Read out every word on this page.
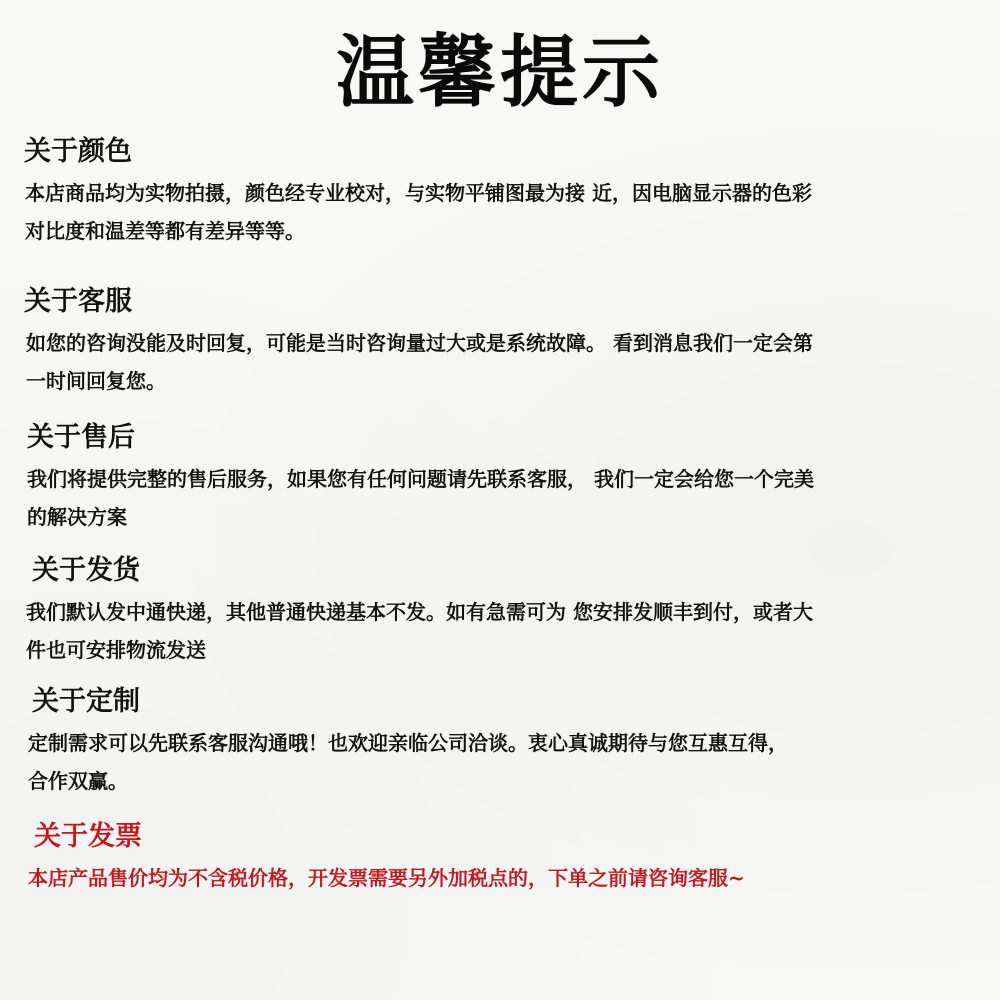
温馨提示
关于颜色
本店商品均为实物拍摄，颜色经专业校对，与实物平铺图最为接 近，因电脑显示器的色彩
对比度和温差等都有差异等等。
关于客服
如您的咨询没能及时回复，可能是当时咨询量过大或是系统故障。 看到消息我们一定会第
一时间回复您。
关于售后
我们将提供完整的售后服务，如果您有任何问题请先联系客服， 我们一定会给您一个完美
的解决方案
关于发货
我们默认发中通快递，其他普通快递基本不发。如有急需可为 您安排发顺丰到付，或者大
件也可安排物流发送
关于定制
定制需求可以先联系客服沟通哦！也欢迎亲临公司洽谈。衷心真诚期待与您互惠互得，
合作双赢。
关于发票
本店产品售价均为不含税价格，开发票需要另外加税点的，下单之前请咨询客服~
